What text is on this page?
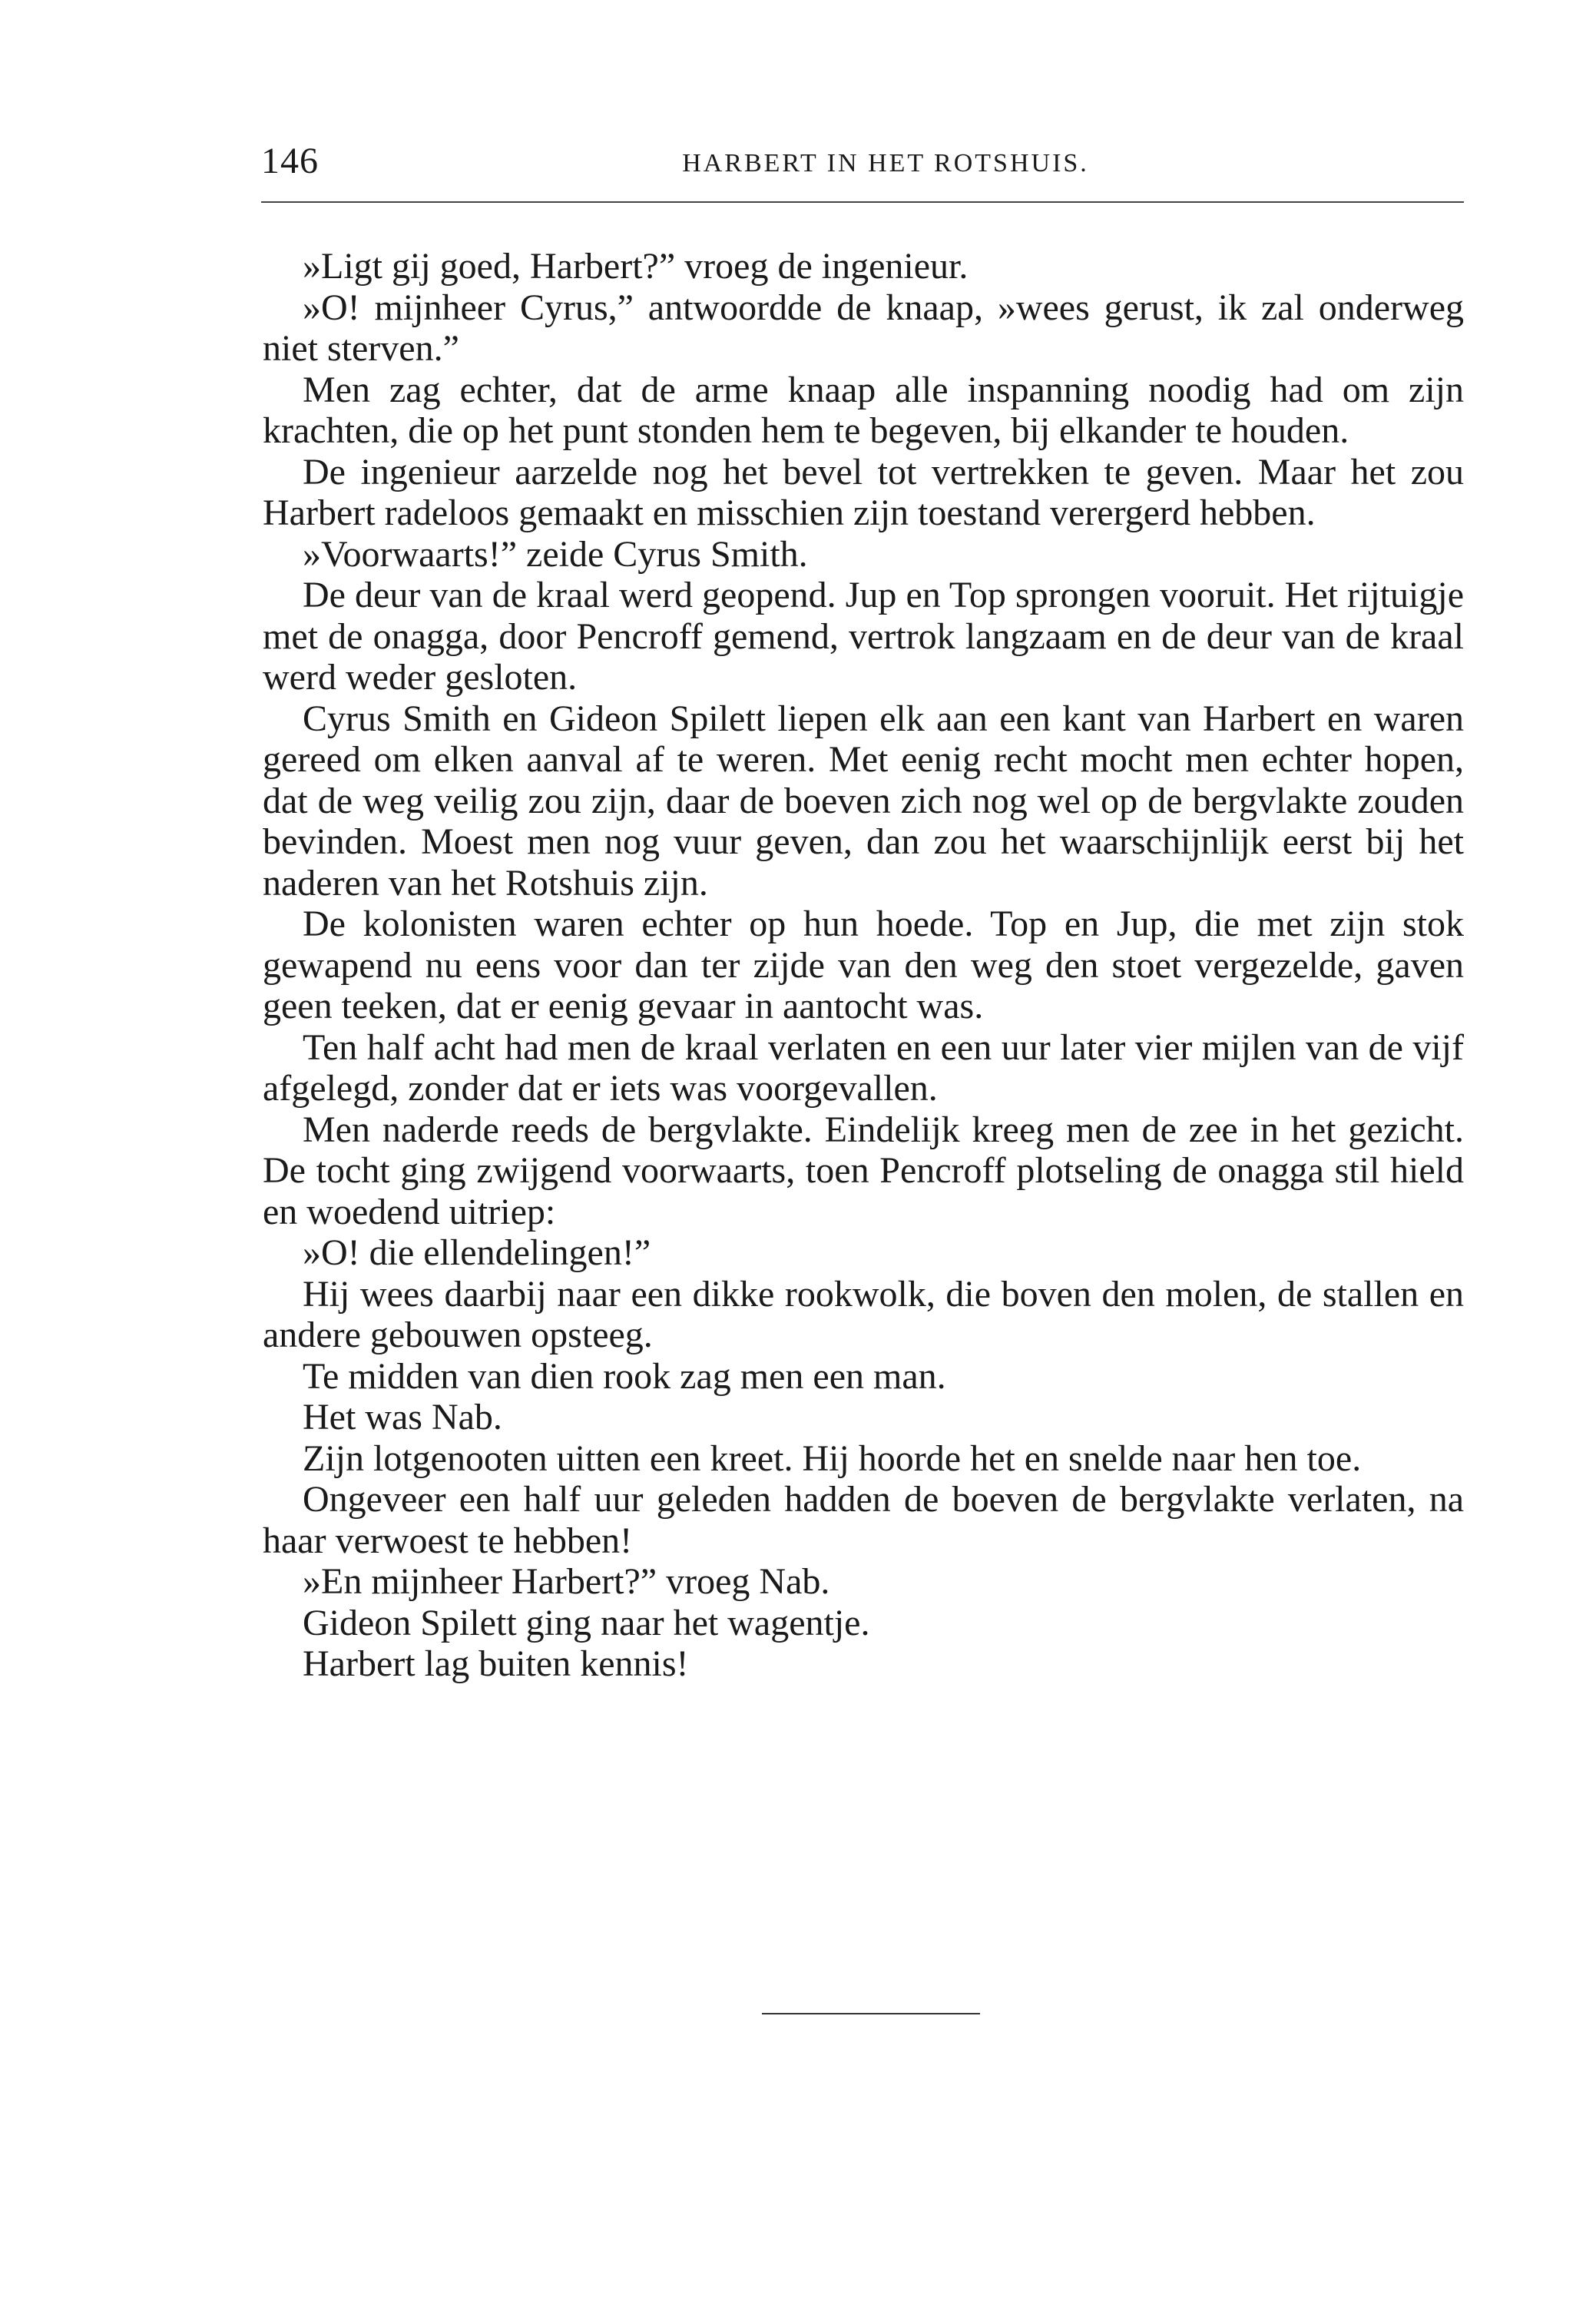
146	HARBERT IN HET ROTSHUIS.

»Ligt gij goed, Harbert?” vroeg de ingenieur.

»O! mijnheer Cyrus,” antwoordde de knaap, »wees gerust, ik zal onderweg niet sterven.”

Men zag echter, dat de arme knaap alle inspanning noodig had om zijn krachten, die op het punt stonden hem te begeven, bij elkander te houden.

De ingenieur aarzelde nog het bevel tot vertrekken te geven. Maar het zou Harbert radeloos gemaakt en misschien zijn toestand verergerd hebben.

»Voorwaarts!” zeide Cyrus Smith.

De deur van de kraal werd geopend. Jup en Top sprongen vooruit. Het rijtuigje met de onagga, door Pencroff gemend, vertrok langzaam en de deur van de kraal werd weder gesloten.

Cyrus Smith en Gideon Spilett liepen elk aan een kant van Harbert en waren gereed om elken aanval af te weren. Met eenig recht mocht men echter hopen, dat de weg veilig zou zijn, daar de boeven zich nog wel op de bergvlakte zouden bevinden. Moest men nog vuur geven, dan zou het waarschijnlijk eerst bij het naderen van het Rotshuis zijn.

De kolonisten waren echter op hun hoede. Top en Jup, die met zijn stok gewapend nu eens voor dan ter zijde van den weg den stoet vergezelde, gaven geen teeken, dat er eenig gevaar in aantocht was.

Ten half acht had men de kraal verlaten en een uur later vier mijlen van de vijf afgelegd, zonder dat er iets was voorgevallen.

Men naderde reeds de bergvlakte. Eindelijk kreeg men de zee in het gezicht. De tocht ging zwijgend voorwaarts, toen Pencroff plotseling de onagga stil hield en woedend uitriep:

»O! die ellendelingen!”

Hij wees daarbij naar een dikke rookwolk, die boven den molen, de stallen en andere gebouwen opsteeg.

Te midden van dien rook zag men een man.

Het was Nab.

Zijn lotgenooten uitten een kreet. Hij hoorde het en snelde naar hen toe.

Ongeveer een half uur geleden hadden de boeven de bergvlakte verlaten, na haar verwoest te hebben!

»En mijnheer Harbert?” vroeg Nab.

Gideon Spilett ging naar het wagentje.

Harbert lag buiten kennis!
